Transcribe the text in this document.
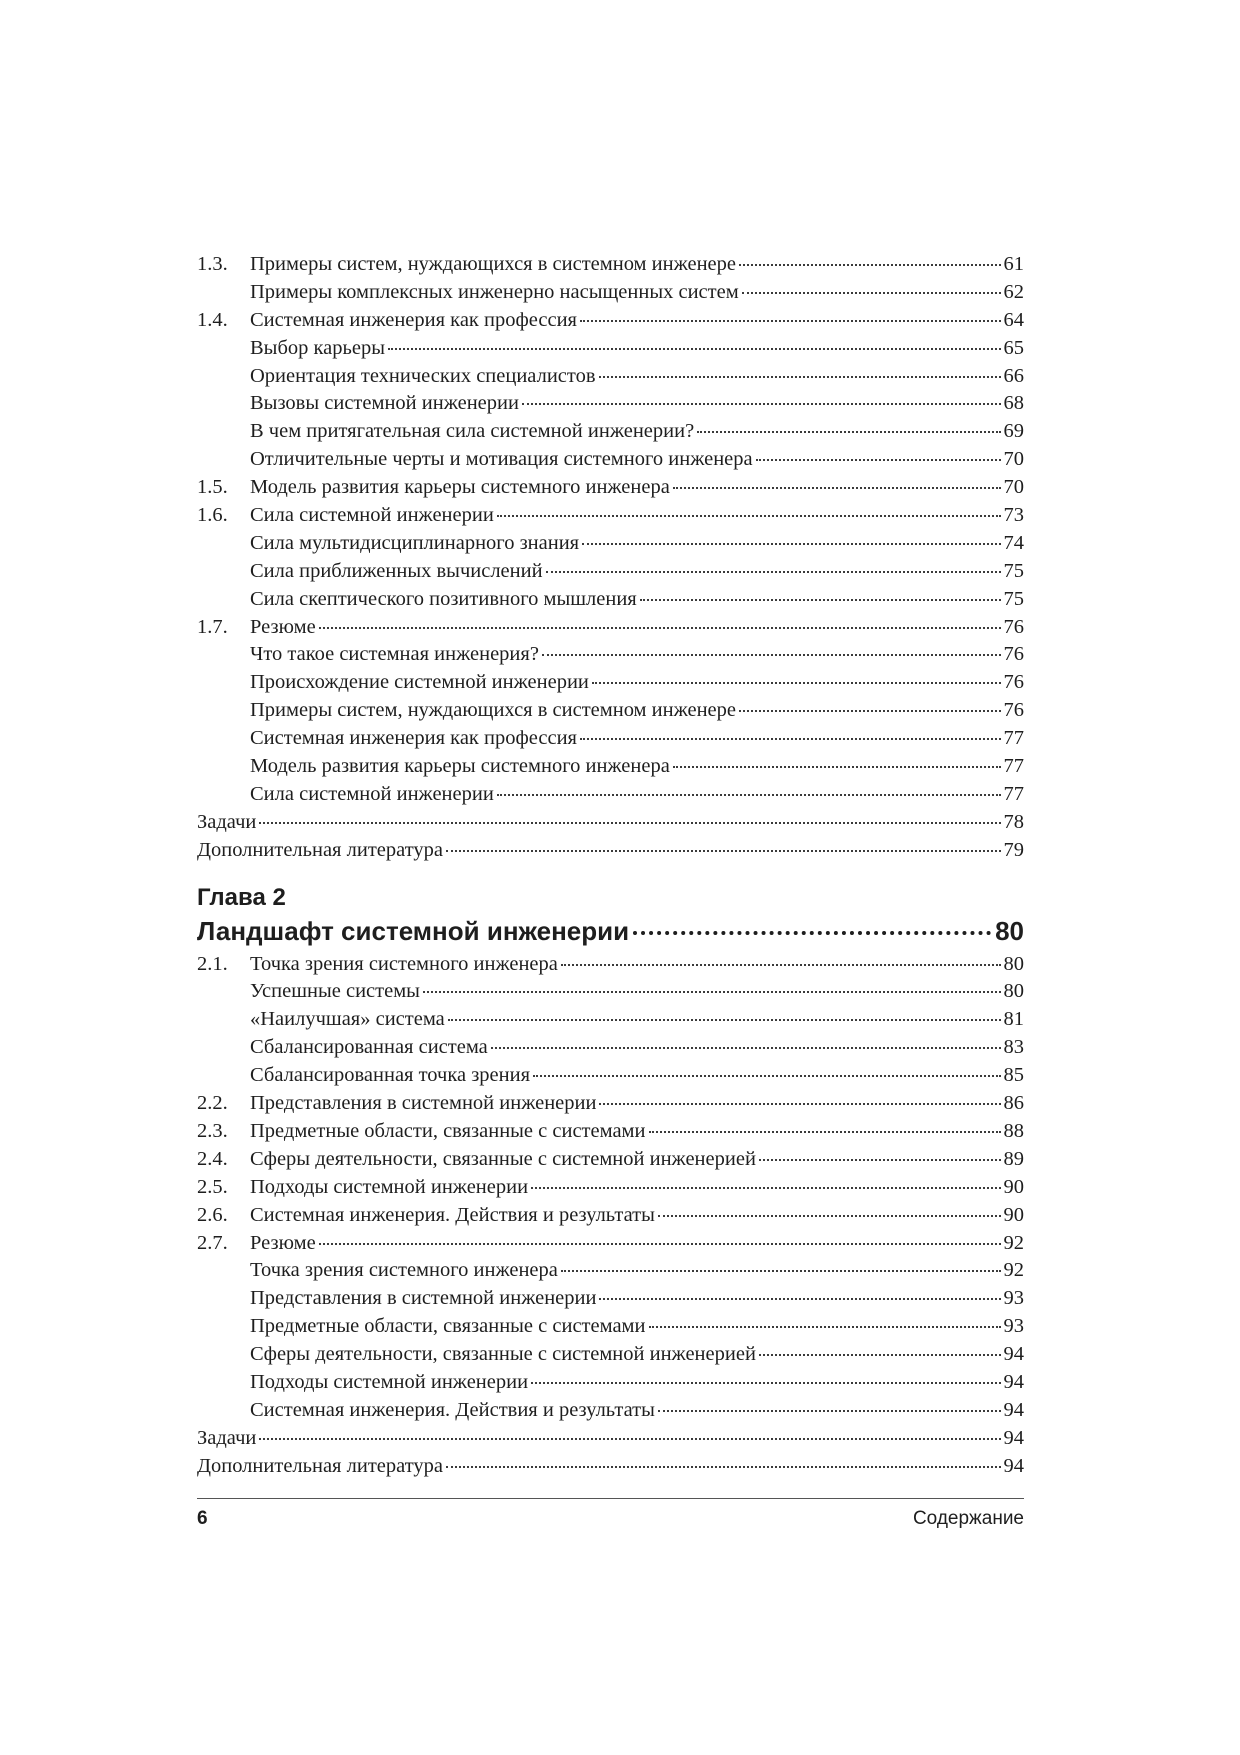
1.3.	Примеры систем, нуждающихся в системном инженере	61
Примеры комплексных инженерно насыщенных систем	62
1.4.	Системная инженерия как профессия	64
Выбор карьеры	65
Ориентация технических специалистов	66
Вызовы системной инженерии	68
В чем притягательная сила системной инженерии?	69
Отличительные черты и мотивация системного инженера	70
1.5.	Модель развития карьеры системного инженера	70
1.6.	Сила системной инженерии	73
Сила мультидисциплинарного знания	74
Сила приближенных вычислений	75
Сила скептического позитивного мышления	75
1.7.	Резюме	76
Что такое системная инженерия?	76
Происхождение системной инженерии	76
Примеры систем, нуждающихся в системном инженере	76
Системная инженерия как профессия	77
Модель развития карьеры системного инженера	77
Сила системной инженерии	77
Задачи	78
Дополнительная литература	79
Глава 2
Ландшафт системной инженерии	80
2.1.	Точка зрения системного инженера	80
Успешные системы	80
«Наилучшая» система	81
Сбалансированная система	83
Сбалансированная точка зрения	85
2.2.	Представления в системной инженерии	86
2.3.	Предметные области, связанные с системами	88
2.4.	Сферы деятельности, связанные с системной инженерией	89
2.5.	Подходы системной инженерии	90
2.6.	Системная инженерия. Действия и результаты	90
2.7.	Резюме	92
Точка зрения системного инженера	92
Представления в системной инженерии	93
Предметные области, связанные с системами	93
Сферы деятельности, связанные с системной инженерией	94
Подходы системной инженерии	94
Системная инженерия. Действия и результаты	94
Задачи	94
Дополнительная литература	94
6	Содержание
